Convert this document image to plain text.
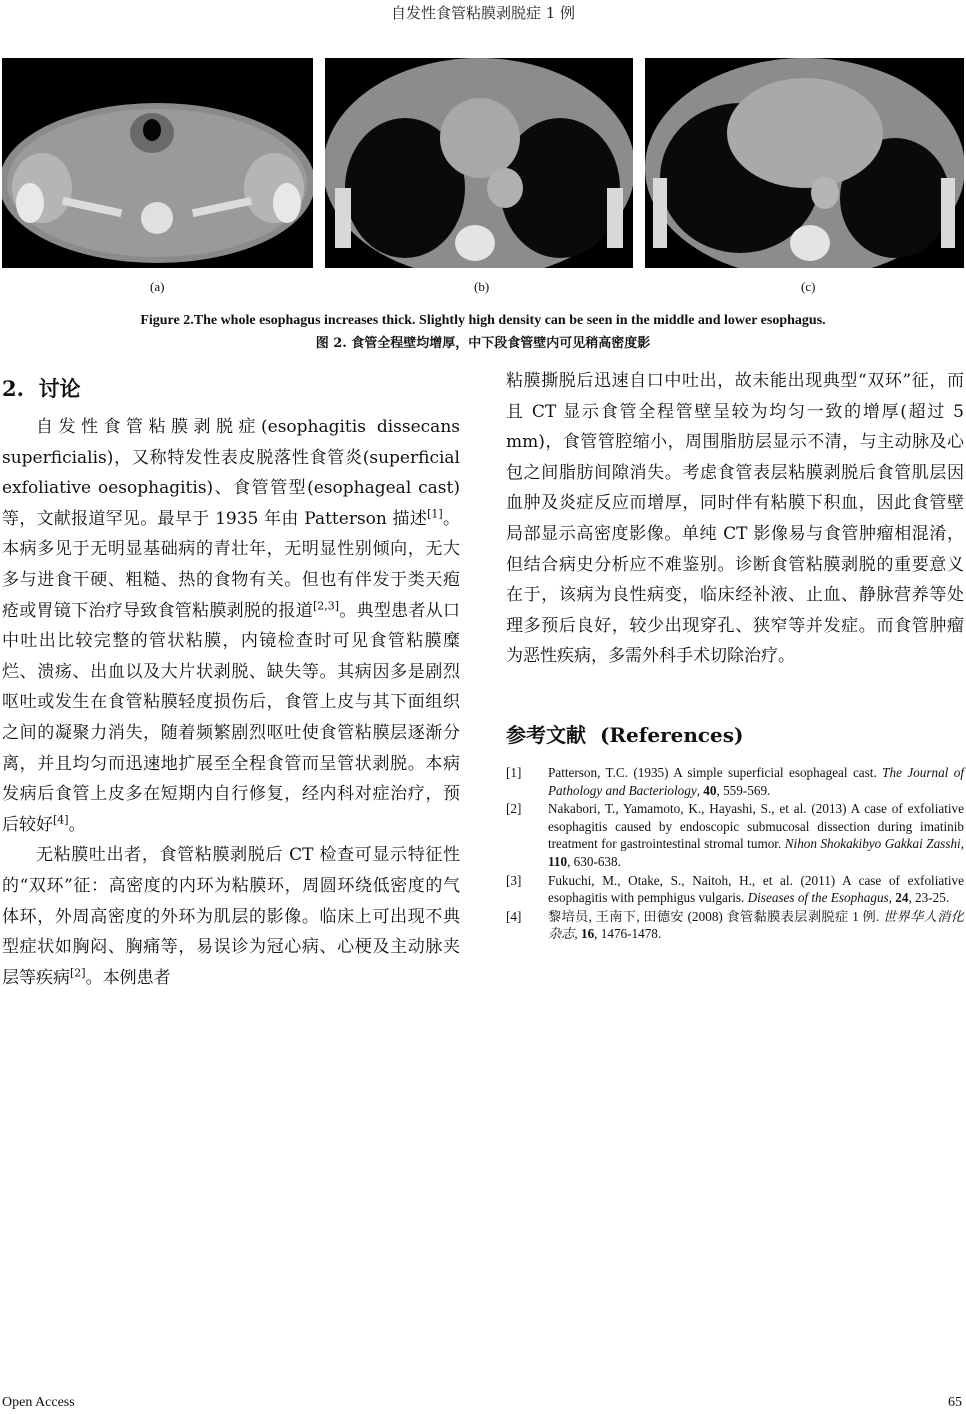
自发性食管粘膜剥脱症 1 例
(a)	(b)	(c)
Figure 2.The whole esophagus increases thick. Slightly high density can be seen in the middle and lower esophagus.
图 2. 食管全程壁均增厚，中下段食管壁内可见稍高密度影
2. 讨论

自发性食管粘膜剥脱症(esophagitis dissecans superficialis)，又称特发性表皮脱落性食管炎(superficial exfoliative oesophagitis)、食管管型(esophageal cast)等，文献报道罕见。最早于 1935 年由 Patterson 描述[1]。本病多见于无明显基础病的青壮年，无明显性别倾向，无大多与进食干硬、粗糙、热的食物有关。但也有伴发于类天疱疮或胃镜下治疗导致食管粘膜剥脱的报道[2,3]。典型患者从口中吐出比较完整的管状粘膜，内镜检查时可见食管粘膜糜烂、溃疡、出血以及大片状剥脱、缺失等。其病因多是剧烈呕吐或发生在食管粘膜轻度损伤后，食管上皮与其下面组织之间的凝聚力消失，随着频繁剧烈呕吐使食管粘膜层逐渐分离，并且均匀而迅速地扩展至全程食管而呈管状剥脱。本病发病后食管上皮多在短期内自行修复，经内科对症治疗，预后较好[4]。

无粘膜吐出者，食管粘膜剥脱后 CT 检查可显示特征性的“双环”征：高密度的内环为粘膜环，周圆环绕低密度的气体环，外周高密度的外环为肌层的影像。临床上可出现不典型症状如胸闷、胸痛等，易误诊为冠心病、心梗及主动脉夹层等疾病[2]。本例患者

粘膜撕脱后迅速自口中吐出，故未能出现典型“双环”征，而且 CT 显示食管全程管壁呈较为均匀一致的增厚(超过 5 mm)，食管管腔缩小，周围脂肪层显示不清，与主动脉及心包之间脂肪间隙消失。考虑食管表层粘膜剥脱后食管肌层因血肿及炎症反应而增厚，同时伴有粘膜下积血，因此食管壁局部显示高密度影像。单纯 CT 影像易与食管肿瘤相混淆，但结合病史分析应不难鉴别。诊断食管粘膜剥脱的重要意义在于，该病为良性病变，临床经补液、止血、静脉营养等处理多预后良好，较少出现穿孔、狭窄等并发症。而食管肿瘤为恶性疾病，多需外科手术切除治疗。

参考文献 (References)
[1]	Patterson, T.C. (1935) A simple superficial esophageal cast. The Journal of Pathology and Bacteriology, 40, 559-569.
[2]	Nakabori, T., Yamamoto, K., Hayashi, S., et al. (2013) A case of exfoliative esophagitis caused by endoscopic submucosal dissection during imatinib treatment for gastrointestinal stromal tumor. Nihon Shokakibyo Gakkai Zasshi, 110, 630-638.
[3]	Fukuchi, M., Otake, S., Naitoh, H., et al. (2011) A case of exfoliative esophagitis with pemphigus vulgaris. Diseases of the Esophagus, 24, 23-25.
[4]	黎培员, 王南下, 田德安 (2008) 食管黏膜表层剥脱症 1 例. 世界华人消化杂志, 16, 1476-1478.
Open Access	65
